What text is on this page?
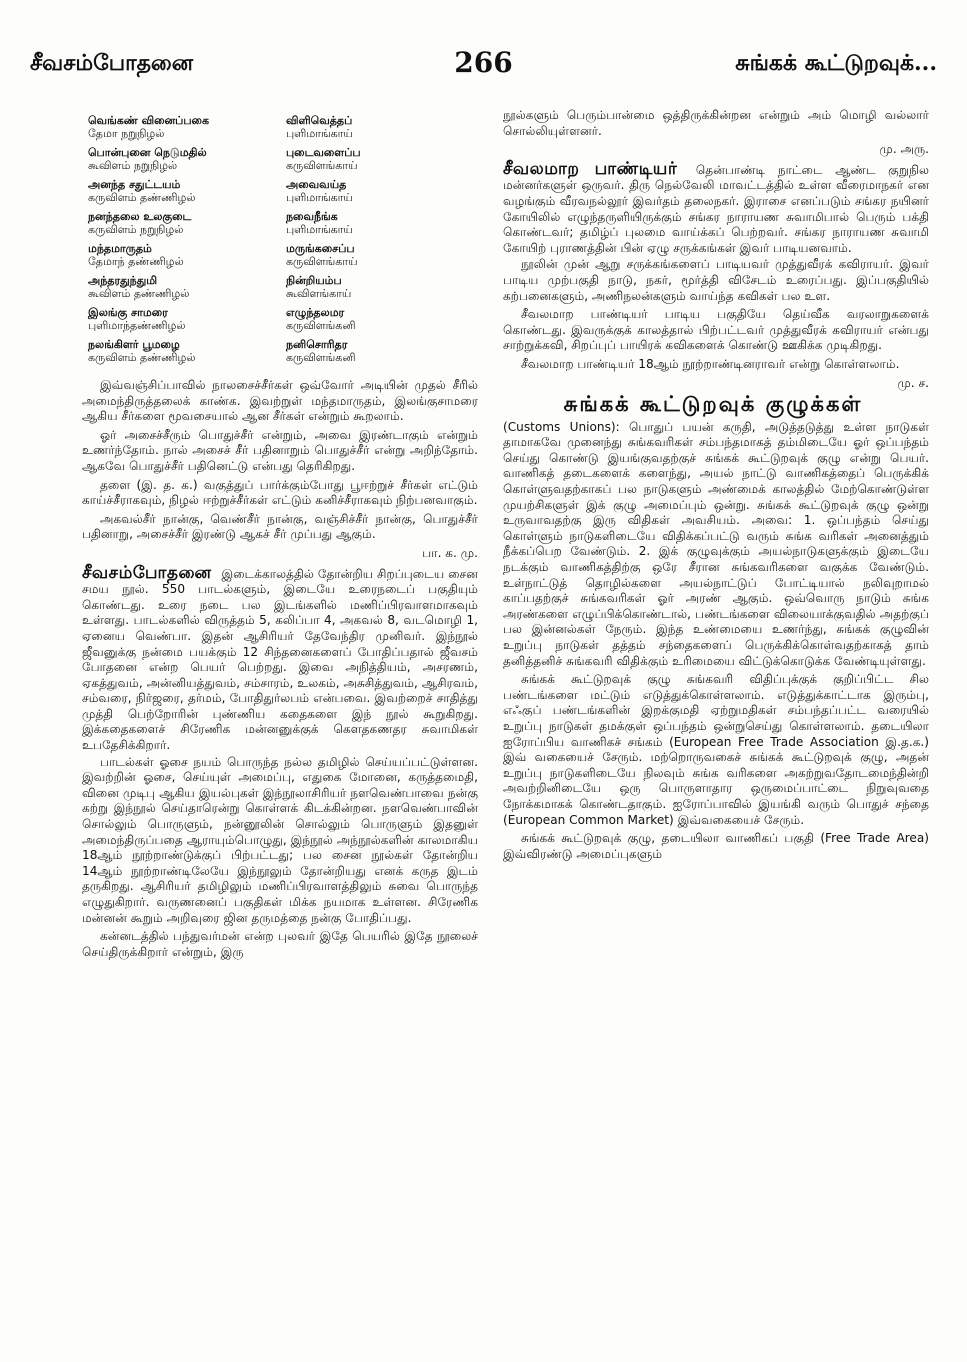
சீவசம்போதனை	266	சுங்கக் கூட்டுறவுக்...
வெங்கண் வினைப்பகை
தேமா நறுநிழல்
விளிவெத்தப்
புளிமாங்காய்
பொன்புனை நெடுமதில்
கூவிளம் நறுநிழல்
புடைவளைப்ப
கருவிளங்காய்
அனந்த சதுட்டயம்
கருவிளம் தண்ணிழல்
அவைவய்த
புளிமாங்காய்
நனந்தலை உலகுடை
கருவிளம் நறுநிழல்
நவைநீங்க
புளிமாங்காய்
மந்தமாருதம்
தேமாந் தண்ணிழல்
மருங்கசைப்ப
கருவிளங்காய்
அந்தரதுந்துமி
கூவிளம் தண்ணிழல்
நின்றியம்ப
கூவிளங்காய்
இலங்கு சாமரை
புளிமாந்தண்ணிழல்
எழுந்தலமர
கருவிளங்கனி
நலங்கிளர் பூமழை
கருவிளம் தண்ணிழல்
நனிசொரிதர
கருவிளங்கனி

இவ்வஞ்சிப்பாவில் நாலசைச்சீர்கள் ஒவ்வோர் அடியின் முதல் சீரில் அமைந்திருத்தலைக் காண்க. இவற்றுள் மந்தமாருதம், இலங்குசாமரை ஆகிய சீர்களை மூவசையால் ஆன சீர்கள் என்றும் கூறலாம்.

ஓர் அசைச்சீரும் பொதுச்சீர் என்றும், அவை இரண்டாகும் என்றும் உணர்ந்தோம். நால் அசைச் சீர் பதினாறும் பொதுச்சீர் என்று அறிந்தோம். ஆகவே பொதுச்சீர் பதினெட்டு என்பது தெரிகிறது.

தளை (இ. த. க.) வகுத்துப் பார்க்கும்போது பூஈற்றுச் சீர்கள் எட்டும் காய்ச்சீராகவும், நிழல் ஈற்றுச்சீர்கள் எட்டும் கனிச்சீராகவும் நிற்பனவாகும்.

அகவல்சீர் நான்கு, வெண்சீர் நான்கு, வஞ்சிச்சீர் நான்கு, பொதுச்சீர் பதினாறு, அசைச்சீர் இரண்டு ஆகச் சீர் முப்பது ஆகும்.

பா. க. மு.

சீவசம்போதனை இடைக்காலத்தில் தோன்றிய சிறப்புடைய சைன சமய நூல். 550 பாடல்களும், இடையே உரைநடைப் பகுதியும் கொண்டது. உரை நடை பல இடங்களில் மணிப்பிரவாளமாகவும் உள்ளது. பாடல்களில் விருத்தம் 5, கலிப்பா 4, அகவல் 8, வடமொழி 1, ஏனைய வெண்பா. இதன் ஆசிரியர் தேவேந்திர முனிவர். இந்நூல் ஜீவனுக்கு நன்மை பயக்கும் 12 சிந்தனைகளைப் போதிப்பதால் ஜீவசம் போதனை என்ற பெயர் பெற்றது. இவை அநித்தியம், அசரணம், ஏகத்துவம், அன்னியத்துவம், சம்சாரம், உலகம், அசுசித்துவம், ஆசிரவம், சம்வரை, நிர்ஜரை, தர்மம், போதிதுர்லபம் என்பவை. இவற்றைச் சாதித்து முத்தி பெற்றோரின் புண்ணிய கதைகளை இந் நூல் கூறுகிறது. இக்கதைகளைச் சிரேணிக மன்னனுக்குக் கௌதகணதர சுவாமிகள் உபதேசிக்கிறார்.

பாடல்கள் ஓசை நயம் பொருந்த நல்ல தமிழில் செய்யப்பட்டுள்ளன. இவற்றின் ஓசை, செய்யுள் அமைப்பு, எதுகை மோனை, கருத்தமைதி, வினை முடிபு ஆகிய இயல்புகள் இந்நூலாசிரியர் நளவெண்பாவை நன்கு கற்று இந்நூல் செய்தாரென்று கொள்ளக் கிடக்கின்றன. நளவெண்பாவின் சொல்லும் பொருளும், நன்னூலின் சொல்லும் பொருளும் இதனுள் அமைந்திருப்பதை ஆராயும்பொழுது, இந்நூல் அந்நூல்களின் காலமாகிய 18ஆம் நூற்றாண்டுக்குப் பிற்பட்டது; பல சைன நூல்கள் தோன்றிய 14ஆம் நூற்றாண்டிலேயே இந்நூலும் தோன்றியது எனக் கருத இடம் தருகிறது. ஆசிரியர் தமிழிலும் மணிப்பிரவாளத்திலும் சுவை பொருந்த எழுதுகிறார். வருணனைப் பகுதிகள் மிக்க நயமாக உள்ளன. சிரேணிக மன்னன் கூறும் அறிவுரை ஜின தருமத்தை நன்கு போதிப்பது.

கன்னடத்தில் பந்துவர்மன் என்ற புலவர் இதே பெயரில் இதே நூலைச் செய்திருக்கிறார் என்றும், இரு

நூல்களும் பெரும்பான்மை ஒத்திருக்கின்றன என்றும் அம் மொழி வல்லார் சொல்லியுள்ளனர்.

மு. அரு.

சீவலமாற பாண்டியர் தென்பாண்டி நாட்டை ஆண்ட குறுநில மன்னர்களுள் ஒருவர். திரு நெல்வேலி மாவட்டத்தில் உள்ள வீரைமாநகர் என வழங்கும் வீரவநல்லூர் இவர்தம் தலைநகர். இராசை எனப்படும் சங்கர நயினர் கோயிலில் எழுந்தருளியிருக்கும் சங்கர நாராயண சுவாமிபால் பெரும் பக்தி கொண்டவர்; தமிழ்ப் புலமை வாய்க்கப் பெற்றவர். சங்கர நாராயண சுவாமி கோயிற் புராணத்தின் பின் ஏழு சருக்கங்கள் இவர் பாடியனவாம்.

நூலின் முன் ஆறு சருக்கங்களைப் பாடியவர் முத்துவீரக் கவிராயர். இவர் பாடிய முற்பகுதி நாடு, நகர், மூர்த்தி விசேடம் உரைப்பது. இப்பகுதியில் கற்பனைகளும், அணிநலன்களும் வாய்ந்த கவிகள் பல உள.

சீவலமாற பாண்டியர் பாடிய பகுதியே தெய்வீக வரலாறுகளைக் கொண்டது. இவருக்குக் காலத்தால் பிற்பட்டவர் முத்துவீரக் கவிராயர் என்பது சாற்றுக்கவி, சிறப்புப் பாயிரக் கவிகளைக் கொண்டு ஊகிக்க முடிகிறது.

சீவலமாற பாண்டியர் 18ஆம் நூற்றாண்டினராவர் என்று கொள்ளலாம்.

மு. ச.

சுங்கக் கூட்டுறவுக் குழுக்கள்

(Customs Unions): பொதுப் பயன் கருதி, அடுத்தடுத்து உள்ள நாடுகள் தாமாகவே முனைந்து சுங்கவரிகள் சம்பந்தமாகத் தம்மிடையே ஓர் ஒப்பந்தம் செய்து கொண்டு இயங்குவதற்குச் சுங்கக் கூட்டுறவுக் குழு என்று பெயர். வாணிகத் தடைகளைக் களைந்து, அயல் நாட்டு வாணிகத்தைப் பெருக்கிக் கொள்ளுவதற்காகப் பல நாடுகளும் அண்மைக் காலத்தில் மேற்கொண்டுள்ள முயற்சிகளுள் இக் குழு அமைப்பும் ஒன்று. சுங்கக் கூட்டுறவுக் குழு ஒன்று உருவாவதற்கு இரு விதிகள் அவசியம். அவை: 1. ஒப்பந்தம் செய்து கொள்ளும் நாடுகளிடையே விதிக்கப்பட்டு வரும் சுங்க வரிகள் அனைத்தும் நீக்கப்பெற வேண்டும். 2. இக் குழுவுக்கும் அயல்நாடுகளுக்கும் இடையே நடக்கும் வாணிகத்திற்கு ஒரே சீரான சுங்கவரிகளை வகுக்க வேண்டும். உள்நாட்டுத் தொழில்களை அயல்நாட்டுப் போட்டியால் நலிவுறாமல் காப்பதற்குச் சுங்கவரிகள் ஓர் அரண் ஆகும். ஒவ்வொரு நாடும் சுங்க அரண்களை எழுப்பிக்கொண்டால், பண்டங்களை விலையாக்குவதில் அதற்குப் பல இன்னல்கள் நேரும். இந்த உண்மையை உணர்ந்து, சுங்கக் குழுவின் உறுப்பு நாடுகள் தத்தம் சந்தைகளைப் பெருக்கிக்கொள்வதற்காகத் தாம் தனித்தனிச் சுங்கவரி விதிக்கும் உரிமையை விட்டுக்கொடுக்க வேண்டியுள்ளது.

சுங்கக் கூட்டுறவுக் குழு சுங்கவரி விதிப்புக்குக் குறிப்பிட்ட சில பண்டங்களை மட்டும் எடுத்துக்கொள்ளலாம். எடுத்துக்காட்டாக இரும்பு, எஃகுப் பண்டங்களின் இறக்குமதி ஏற்றுமதிகள் சம்பந்தப்பட்ட வரையில் உறுப்பு நாடுகள் தமக்குள் ஒப்பந்தம் ஒன்றுசெய்து கொள்ளலாம். தடையிலா ஐரோப்பிய வாணிகச் சங்கம் (European Free Trade Association இ.த.க.) இவ் வகையைச் சேரும். மற்றொருவகைச் சுங்கக் கூட்டுறவுக் குழு, அதன் உறுப்பு நாடுகளிடையே நிலவும் சுங்க வரிகளை அகற்றுவதோடமைந்தின்றி அவற்றினிடையே ஒரு பொருளாதார ஒருமைப்பாட்டை நிறுவுவதை நோக்கமாகக் கொண்டதாகும். ஐரோப்பாவில் இயங்கி வரும் பொதுச் சந்தை (European Common Market) இவ்வகையைச் சேரும்.

சுங்கக் கூட்டுறவுக் குழு, தடையிலா வாணிகப் பகுதி (Free Trade Area) இவ்விரண்டு அமைப்புகளும்
